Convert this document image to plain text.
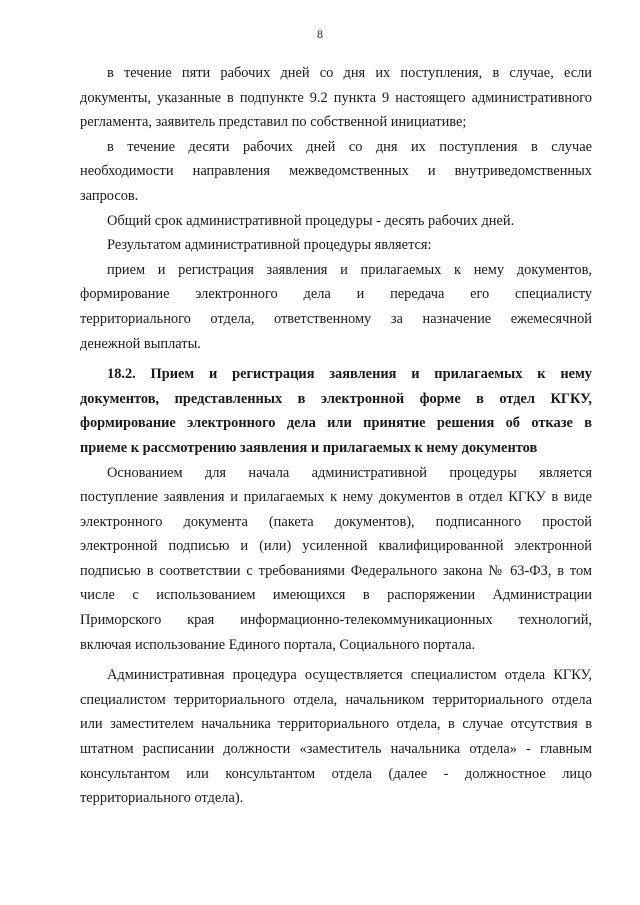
8
в течение пяти рабочих дней со дня их поступления, в случае, если
документы, указанные в подпункте 9.2 пункта 9 настоящего административного
регламента, заявитель представил по собственной инициативе;
в течение десяти рабочих дней со дня их поступления в случае
необходимости направления межведомственных и внутриведомственных
запросов.
Общий срок административной процедуры - десять рабочих дней.
Результатом административной процедуры является:
прием и регистрация заявления и прилагаемых к нему документов,
формирование электронного дела и передача его специалисту
территориального отдела, ответственному за назначение ежемесячной
денежной выплаты.
18.2. Прием и регистрация заявления и прилагаемых к нему
документов, представленных в электронной форме в отдел КГКУ,
формирование электронного дела или принятие решения об отказе в
приеме к рассмотрению заявления и прилагаемых к нему документов
Основанием для начала административной процедуры является
поступление заявления и прилагаемых к нему документов в отдел КГКУ в виде
электронного документа (пакета документов), подписанного простой
электронной подписью и (или) усиленной квалифицированной электронной
подписью в соответствии с требованиями Федерального закона № 63-ФЗ, в том
числе с использованием имеющихся в распоряжении Администрации
Приморского края информационно-телекоммуникационных технологий,
включая использование Единого портала, Социального портала.
Административная процедура осуществляется специалистом отдела КГКУ,
специалистом территориального отдела, начальником территориального отдела
или заместителем начальника территориального отдела, в случае отсутствия в
штатном расписании должности «заместитель начальника отдела» - главным
консультантом или консультантом отдела (далее - должностное лицо
территориального отдела).
